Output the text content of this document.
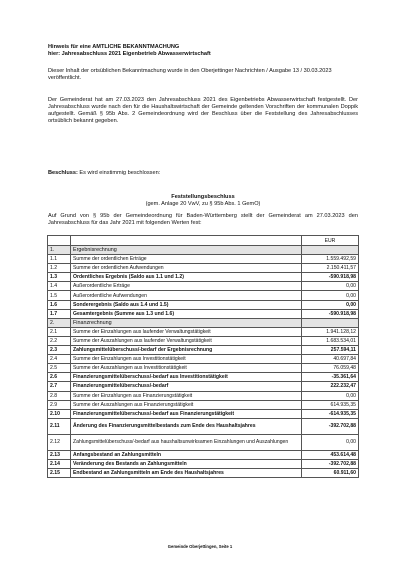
Hinweis für eine AMTLICHE BEKANNTMACHUNG

hier: Jahresabschluss 2021 Eigenbetrieb Abwasserwirtschaft

Dieser Inhalt der ortsüblichen Bekanntmachung wurde in den Oberjettinger Nachrichten / Ausgabe 13 / 30.03.2023 veröffentlicht.

Der Gemeinderat hat am 27.03.2023 den Jahresabschluss 2021 des Eigenbetriebs Abwasserwirtschaft festgestellt. Der Jahresabschluss wurde nach den für die Haushaltswirtschaft der Gemeinde geltenden Vorschriften der kommunalen Doppik aufgestellt. Gemäß § 95b Abs. 2 Gemeindeordnung wird der Beschluss über die Feststellung des Jahresabschlusses ortsüblich bekannt gegeben.

Beschluss: Es wird einstimmig beschlossen:

Feststellungsbeschluss

(gem. Anlage 20 VwV, zu § 95b Abs. 1 GemO)

Auf Grund von § 95b der Gemeindeordnung für Baden-Württemberg stellt der Gemeinderat am 27.03.2023 den Jahresabschluss für das Jahr 2021 mit folgenden Werten fest:

		EUR
1.	Ergebnisrechnung	
1.1	Summe der ordentlichen Erträge	1.559.492,59
1.2	Summe der ordentlichen Aufwendungen	2.150.411,57
1.3	Ordentliches Ergebnis (Saldo aus 1.1 und 1.2)	-590.918,98
1.4	Außerordentliche Erträge	0,00
1.5	Außerordentliche Aufwendungen	0,00
1.6	Sonderergebnis (Saldo aus 1.4 und 1.5)	0,00
1.7	Gesamtergebnis (Summe aus 1.3 und 1.6)	-590.918,98
2.	Finanzrechnung	
2.1	Summe der Einzahlungen aus laufender Verwaltungstätigkeit	1.941.128,12
2.2	Summe der Auszahlungen aus laufender Verwaltungstätigkeit	1.683.534,01
2.3	Zahlungsmittelüberschuss/-bedarf der Ergebnisrechnung	257.594,11
2.4	Summe der Einzahlungen aus Investitionstätigkeit	40.697,84
2.5	Summe der Auszahlungen aus Investitionstätigkeit	76.059,48
2.6	Finanzierungsmittelüberschuss/-bedarf aus Investitionstätigkeit	-35.361,64
2.7	Finanzierungsmittelüberschuss/-bedarf	222.232,47
2.8	Summe der Einzahlungen aus Finanzierungstätigkeit	0,00
2.9	Summe der Auszahlungen aus Finanzierungstätigkeit	614.935,35
2.10	Finanzierungsmittelüberschuss/-bedarf aus Finanzierungstätigkeit	-614.935,35
2.11	Änderung des Finanzierungsmittelbestands zum Ende des Haushaltsjahres	-392.702,88
2.12	Zahlungsmittelüberschuss/-bedarf aus haushaltsunwirksamen Einzahlungen und Auszahlungen	0,00
2.13	Anfangsbestand an Zahlungsmitteln	453.614,48
2.14	Veränderung des Bestands an Zahlungsmitteln	-392.702,88
2.15	Endbestand an Zahlungsmitteln am Ende des Haushaltsjahres	60.911,60
Gemeinde Oberjettingen, Seite 1
